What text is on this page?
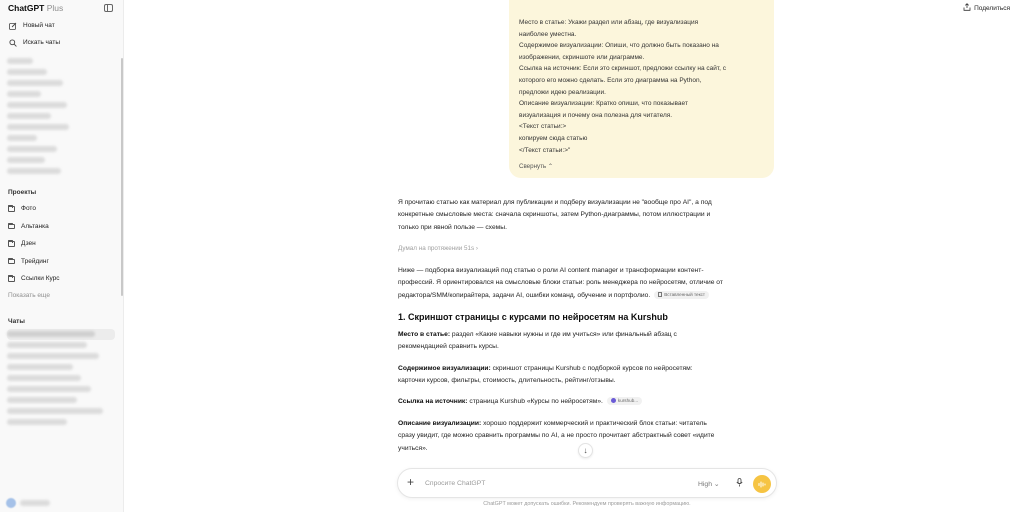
ChatGPT Plus
Новый чат
Искать чаты
Проекты
Фото
Альтанка
Дзен
Трейдинг
Ссылки Курс
Показать еще
Чаты
Поделиться
Место в статье: Укажи раздел или абзац, где визуализация
наиболее уместна.
Содержимое визуализации: Опиши, что должно быть показано на
изображении, скриншоте или диаграмме.
Ссылка на источник: Если это скриншот, предложи ссылку на сайт, с
которого его можно сделать. Если это диаграмма на Python,
предложи идею реализации.
Описание визуализации: Кратко опиши, что показывает
визуализация и почему она полезна для читателя.
<Текст статьи:>
копируем сюда статью
</Текст статьи:>"
Свернуть ⌃
Я прочитаю статью как материал для публикации и подберу визуализации не "вообще про AI", а под
конкретные смысловые места: сначала скриншоты, затем Python-диаграммы, потом иллюстрации и
только при явной пользе — схемы.
Думал на протяжении 51s ›
Ниже — подборка визуализаций под статью о роли AI content manager и трансформации контент-
профессий. Я ориентировался на смысловые блоки статьи: роль менеджера по нейросетям, отличие от
редактора/SMM/копирайтера, задачи AI, ошибки команд, обучение и портфолио.	Вставленный текст
1. Скриншот страницы с курсами по нейросетям на Kurshub
Место в статье: раздел «Какие навыки нужны и где им учиться» или финальный абзац с
рекомендацией сравнить курсы.
Содержимое визуализации: скриншот страницы Kurshub с подборкой курсов по нейросетям:
карточки курсов, фильтры, стоимость, длительность, рейтинг/отзывы.
Ссылка на источник: страница Kurshub «Курсы по нейросетям».	kurshub...
Описание визуализации: хорошо поддержит коммерческий и практический блок статьи: читатель
сразу увидит, где можно сравнить программы по AI, а не просто прочитает абстрактный совет «идите
учиться».	↓
+ Спросите ChatGPT	High ⌄
ChatGPT может допускать ошибки. Рекомендуем проверять важную информацию.
